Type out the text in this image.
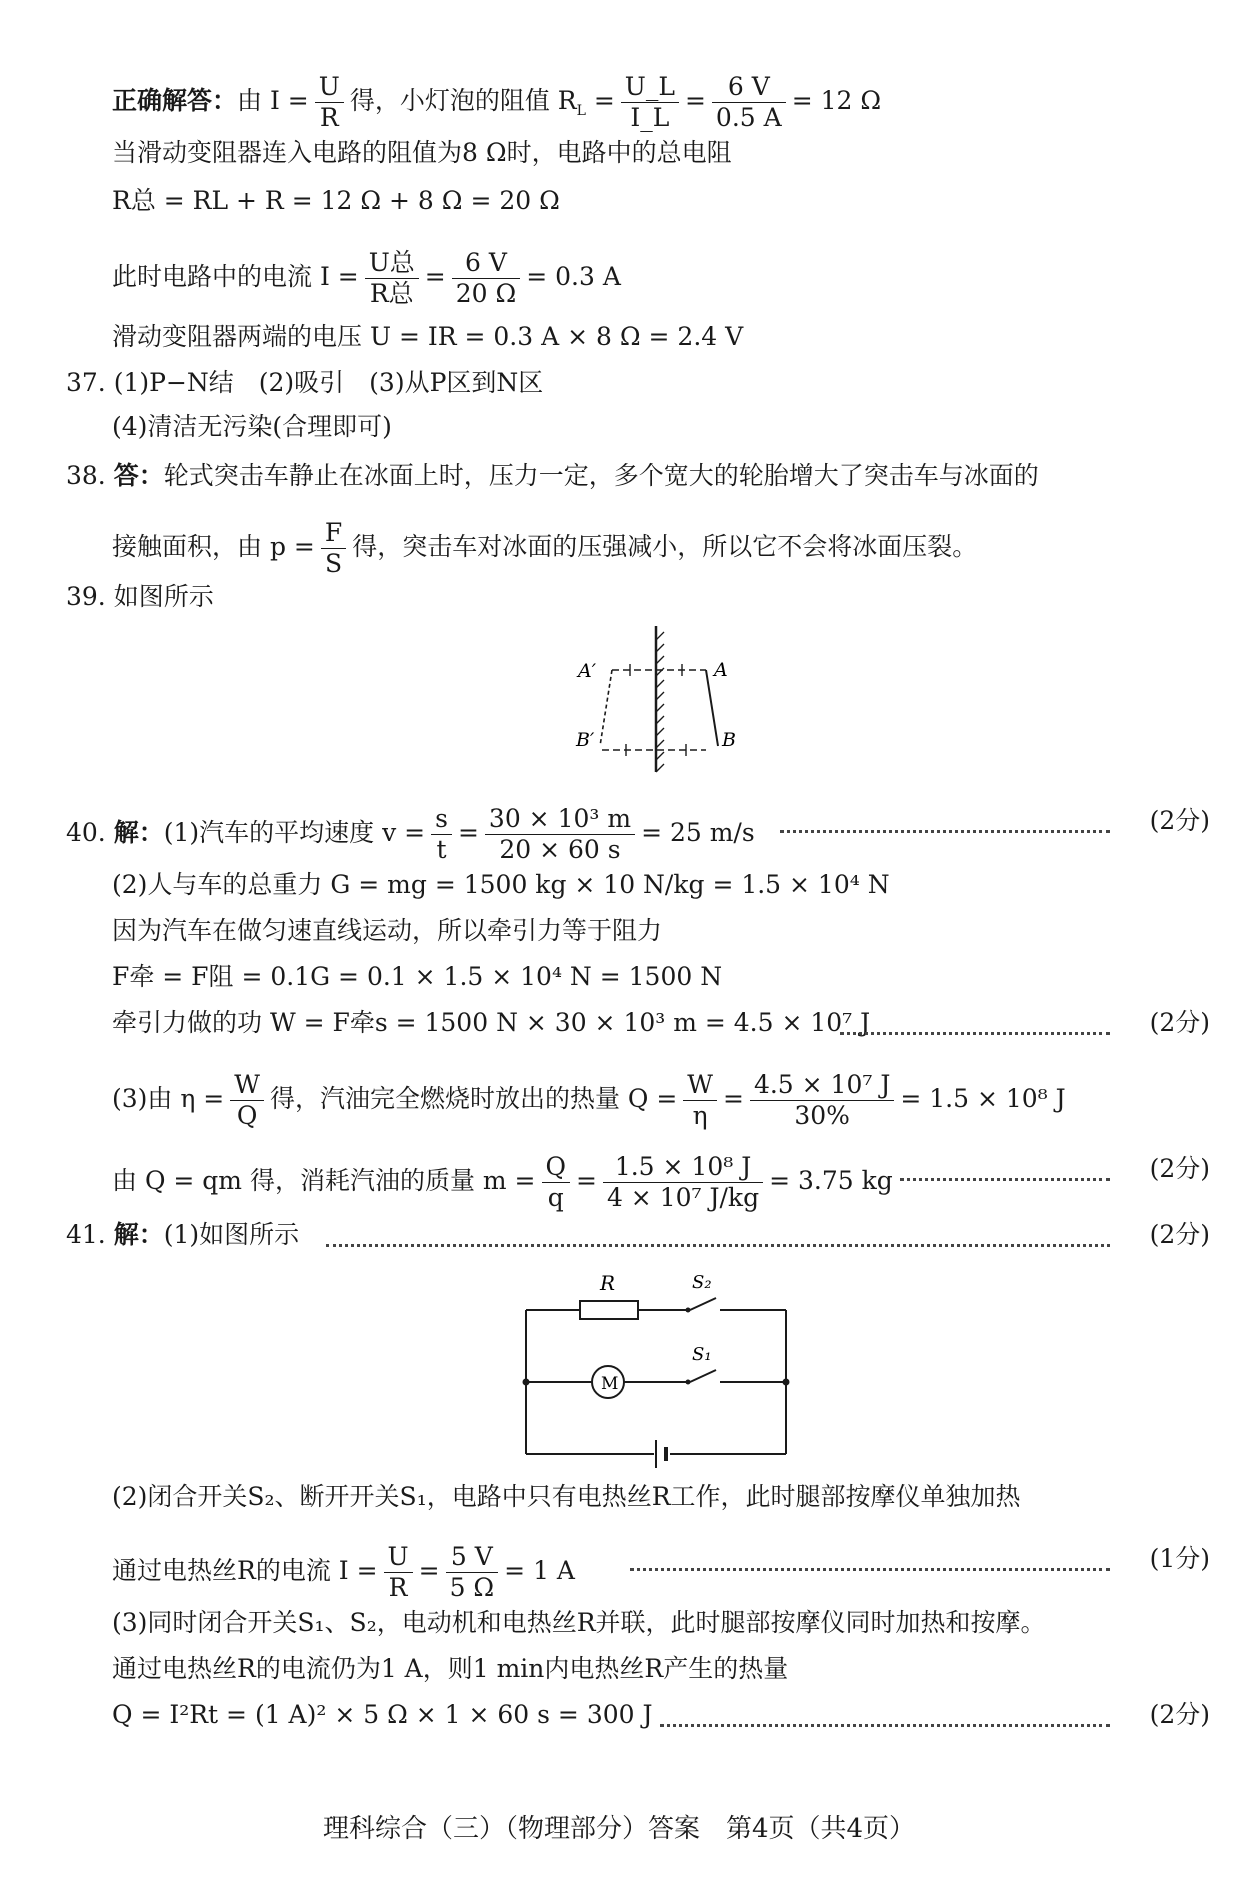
正确解答：由 $I = \frac{U}{R}$ 得，小灯泡的阻值 $R_L = \frac{U\_L}{I\_L} = \frac{6 V}{0.5 A} = 12$ Ω
当滑动变阻器连入电路的阻值为8 Ω时，电路中的总电阻
R总 = RL + R = 12 Ω + 8 Ω = 20 Ω
此时电路中的电流 I = U总
R总
= $\frac{6 V}{20 \Omega} = 0.3$ A
滑动变阻器两端的电压 U = IR = 0.3 A × 8 Ω = 2.4 V
37. (1)P−N结　(2)吸引　(3)从P区到N区
(4)清洁无污染(合理即可)
38. 答：轮式突击车静止在冰面上时，压力一定，多个宽大的轮胎增大了突击车与冰面的
接触面积，由 $p = \frac{F}{S}$ 得，突击车对冰面的压强减小，所以它不会将冰面压裂。
39. 如图所示
A′	A
B′	B
40. 解：(1)汽车的平均速度 $v = \frac{s}{t} = \frac{\text{30 × 10³ m}}{20 \times 60 s} = 25$ m/s	(2分)
(2)人与车的总重力 G = mg = 1500 kg × 10 N/kg = 1.5 × 10⁴ N
因为汽车在做匀速直线运动，所以牵引力等于阻力
F牵 = F阻 = 0.1G = 0.1 × 1.5 × 10⁴ N = 1500 N
牵引力做的功 W = F牵s = 1500 N × 30 × 10³ m = 4.5 × 10⁷ J	(2分)
(3)由 $\eta = \frac{W}{Q}$ 得，汽油完全燃烧时放出的热量 $Q = \frac{W}{\eta} = \frac{\text{4.5 × 10⁷ J}}{30\%} = 1.5 \times 10^8$ J
由 Q = qm 得，消耗汽油的质量 $m = \frac{Q}{q} = \frac{\text{1.5 × 10⁸ J}}{\text{4 × 10⁷ J/kg}} = 3.75$ kg	(2分)
41. 解：(1)如图所示	(2分)
R	S₂
S₁
M
(2)闭合开关S₂、断开开关S₁，电路中只有电热丝R工作，此时腿部按摩仪单独加热
通过电热丝R的电流 $I = \frac{U}{R} = \frac{5 V}{5 \Omega} = 1$ A	(1分)
(3)同时闭合开关S₁、S₂，电动机和电热丝R并联，此时腿部按摩仪同时加热和按摩。
通过电热丝R的电流仍为1 A，则1 min内电热丝R产生的热量
Q = I²Rt = (1 A)² × 5 Ω × 1 × 60 s = 300 J	(2分)
理科综合（三）（物理部分）答案　第4页（共4页）
